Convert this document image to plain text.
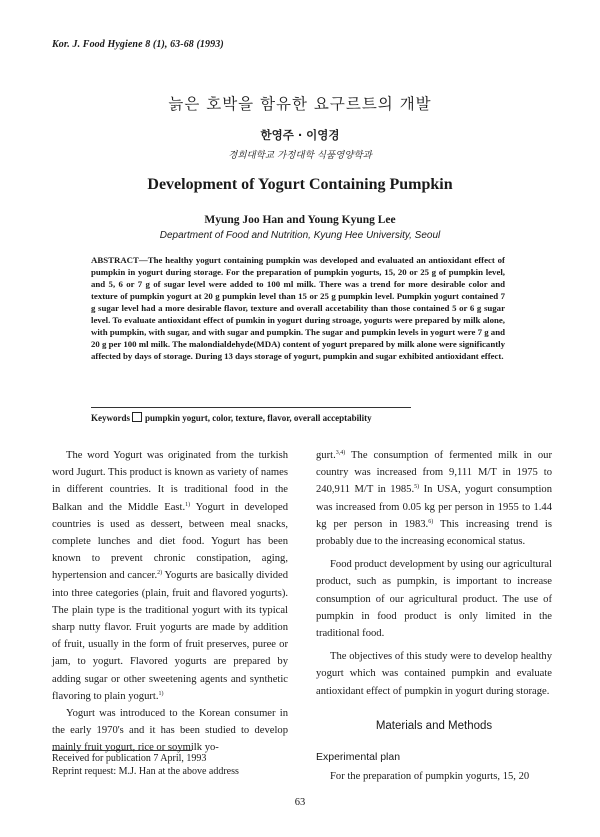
Kor. J. Food Hygiene 8 (1), 63-68 (1993)
늙은 호박을 함유한 요구르트의 개발
한영주 · 이영경
경희대학교 가정대학 식품영양학과
Development of Yogurt Containing Pumpkin
Myung Joo Han and Young Kyung Lee
Department of Food and Nutrition, Kyung Hee University, Seoul
ABSTRACT—The healthy yogurt containing pumpkin was developed and evaluated an antioxidant effect of pumpkin in yogurt during storage. For the preparation of pumpkin yogurts, 15, 20 or 25 g of pumpkin level, and 5, 6 or 7 g of sugar level were added to 100 ml milk. There was a trend for more desirable color and texture of pumpkin yogurt at 20 g pumpkin level than 15 or 25 g pumpkin level. Pumpkin yogurt contained 7 g sugar level had a more desirable flavor, texture and overall accetability than those contained 5 or 6 g sugar level. To evaluate antioxidant effect of pumkin in yogurt during stroage, yogurts were prepared by milk alone, with pumpkin, with sugar, and with sugar and pumpkin. The sugar and pumpkin levels in yogurt were 7 g and 20 g per 100 ml milk. The malondialdehyde(MDA) content of yogurt prepared by milk alone were significantly affected by days of storage. During 13 days storage of yogurt, pumpkin and sugar exhibited antioxidant effect.
Keywords pumpkin yogurt, color, texture, flavor, overall acceptability

The word Yogurt was originated from the turkish word Jugurt. This product is known as variety of names in different countries. It is traditional food in the Balkan and the Middle East.$^{1)}$ Yogurt in developed countries is used as dessert, between meal snacks, complete lunches and diet food. Yogurt has been known to prevent chronic constipation, aging, hypertension and cancer.$^{2)}$ Yogurts are basically divided into three categories (plain, fruit and flavored yogurts). The plain type is the traditional yogurt with its typical sharp nutty flavor. Fruit yogurts are made by addition of fruit, usually in the form of fruit preserves, puree or jam, to yogurt. Flavored yogurts are prepared by adding sugar or other sweetening agents and synthetic flavoring to plain yogurt.$^{1)}$

Yogurt was introduced to the Korean consumer in the early 1970's and it has been studied to develop mainly fruit yogurt, rice or soymilk yo-

gurt.$^{3,4)}$ The consumption of fermented milk in our country was increased from 9,111 M/T in 1975 to 240,911 M/T in 1985.$^{5)}$ In USA, yogurt consumption was increased from 0.05 kg per person in 1955 to 1.44 kg per person in 1983.$^{6)}$ This increasing trend is probably due to the increasing economical status.

Food product development by using our agricultural product, such as pumpkin, is important to increase consumption of our agricultural product. The use of pumpkin in food product is only limited in the traditional food.

The objectives of this study were to develop healthy yogurt which was contained pumpkin and evaluate antioxidant effect of pumpkin in yogurt during storage.

Materials and Methods

Experimental plan

For the preparation of pumpkin yogurts, 15, 20

Received for publication 7 April, 1993
Reprint request: M.J. Han at the above address
63
